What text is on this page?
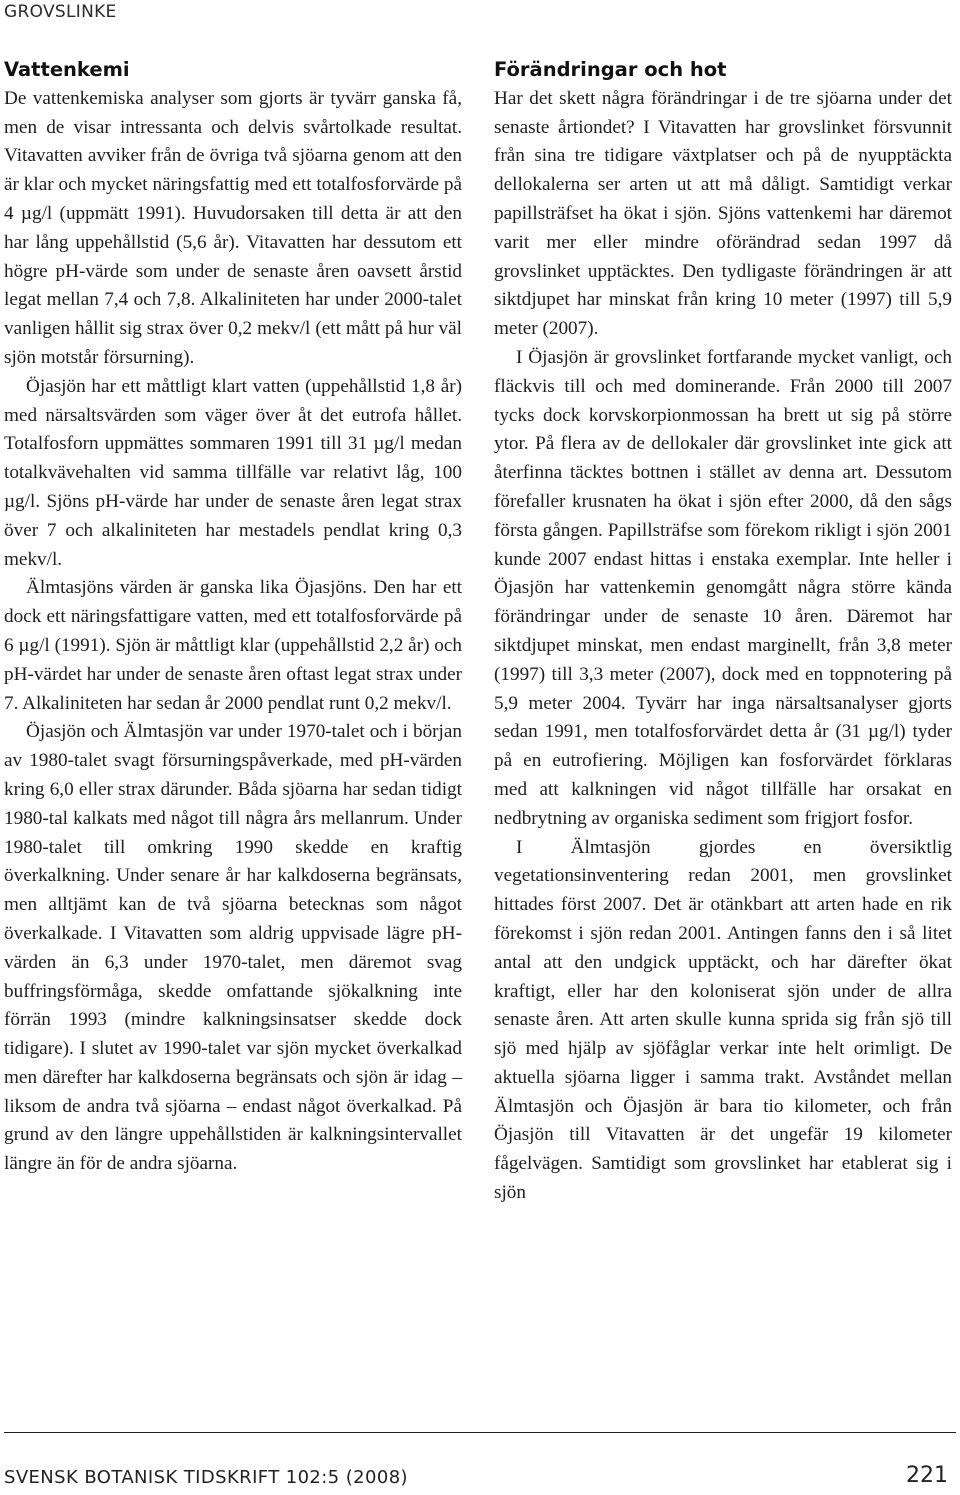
GROVSLINKE
Vattenkemi

De vattenkemiska analyser som gjorts är tyvärr ganska få, men de visar intressanta och delvis svårtolkade resultat. Vitavatten avviker från de övriga två sjöarna genom att den är klar och mycket näringsfattig med ett totalfosforvärde på 4 µg/l (uppmätt 1991). Huvudorsaken till detta är att den har lång uppehållstid (5,6 år). Vitavatten har dessutom ett högre pH-värde som under de senaste åren oavsett årstid legat mellan 7,4 och 7,8. Alkaliniteten har under 2000-talet vanligen hållit sig strax över 0,2 mekv/l (ett mått på hur väl sjön motstår försurning).

Öjasjön har ett måttligt klart vatten (uppehållstid 1,8 år) med närsaltsvärden som väger över åt det eutrofa hållet. Totalfosforn uppmättes sommaren 1991 till 31 µg/l medan totalkvävehalten vid samma tillfälle var relativt låg, 100 µg/l. Sjöns pH-värde har under de senaste åren legat strax över 7 och alkaliniteten har mestadels pendlat kring 0,3 mekv/l.

Älmtasjöns värden är ganska lika Öjasjöns. Den har ett dock ett näringsfattigare vatten, med ett totalfosforvärde på 6 µg/l (1991). Sjön är måttligt klar (uppehållstid 2,2 år) och pH-värdet har under de senaste åren oftast legat strax under 7. Alkaliniteten har sedan år 2000 pendlat runt 0,2 mekv/l.

Öjasjön och Älmtasjön var under 1970-talet och i början av 1980-talet svagt försurningspåverkade, med pH-värden kring 6,0 eller strax därunder. Båda sjöarna har sedan tidigt 1980-tal kalkats med något till några års mellanrum. Under 1980-talet till omkring 1990 skedde en kraftig överkalkning. Under senare år har kalkdoserna begränsats, men alltjämt kan de två sjöarna betecknas som något överkalkade. I Vitavatten som aldrig uppvisade lägre pH-värden än 6,3 under 1970-talet, men däremot svag buffringsförmåga, skedde omfattande sjökalkning inte förrän 1993 (mindre kalkningsinsatser skedde dock tidigare). I slutet av 1990-talet var sjön mycket överkalkad men därefter har kalkdoserna begränsats och sjön är idag – liksom de andra två sjöarna – endast något överkalkad. På grund av den längre uppehållstiden är kalkningsintervallet längre än för de andra sjöarna.

Förändringar och hot

Har det skett några förändringar i de tre sjöarna under det senaste årtiondet? I Vitavatten har grovslinket försvunnit från sina tre tidigare växtplatser och på de nyupptäckta dellokalerna ser arten ut att må dåligt. Samtidigt verkar papillsträfset ha ökat i sjön. Sjöns vattenkemi har däremot varit mer eller mindre oförändrad sedan 1997 då grovslinket upptäcktes. Den tydligaste förändringen är att siktdjupet har minskat från kring 10 meter (1997) till 5,9 meter (2007).

I Öjasjön är grovslinket fortfarande mycket vanligt, och fläckvis till och med dominerande. Från 2000 till 2007 tycks dock korvskorpionmossan ha brett ut sig på större ytor. På flera av de dellokaler där grovslinket inte gick att återfinna täcktes bottnen i stället av denna art. Dessutom förefaller krusnaten ha ökat i sjön efter 2000, då den sågs första gången. Papillsträfse som förekom rikligt i sjön 2001 kunde 2007 endast hittas i enstaka exemplar. Inte heller i Öjasjön har vattenkemin genomgått några större kända förändringar under de senaste 10 åren. Däremot har siktdjupet minskat, men endast marginellt, från 3,8 meter (1997) till 3,3 meter (2007), dock med en toppnotering på 5,9 meter 2004. Tyvärr har inga närsaltsanalyser gjorts sedan 1991, men totalfosforvärdet detta år (31 µg/l) tyder på en eutrofiering. Möjligen kan fosforvärdet förklaras med att kalkningen vid något tillfälle har orsakat en nedbrytning av organiska sediment som frigjort fosfor.

I Älmtasjön gjordes en översiktlig vegetationsinventering redan 2001, men grovslinket hittades först 2007. Det är otänkbart att arten hade en rik förekomst i sjön redan 2001. Antingen fanns den i så litet antal att den undgick upptäckt, och har därefter ökat kraftigt, eller har den koloniserat sjön under de allra senaste åren. Att arten skulle kunna sprida sig från sjö till sjö med hjälp av sjöfåglar verkar inte helt orimligt. De aktuella sjöarna ligger i samma trakt. Avståndet mellan Älmtasjön och Öjasjön är bara tio kilometer, och från Öjasjön till Vitavatten är det ungefär 19 kilometer fågelvägen. Samtidigt som grovslinket har etablerat sig i sjön

SVENSK BOTANISK TIDSKRIFT 102:5 (2008)	221
